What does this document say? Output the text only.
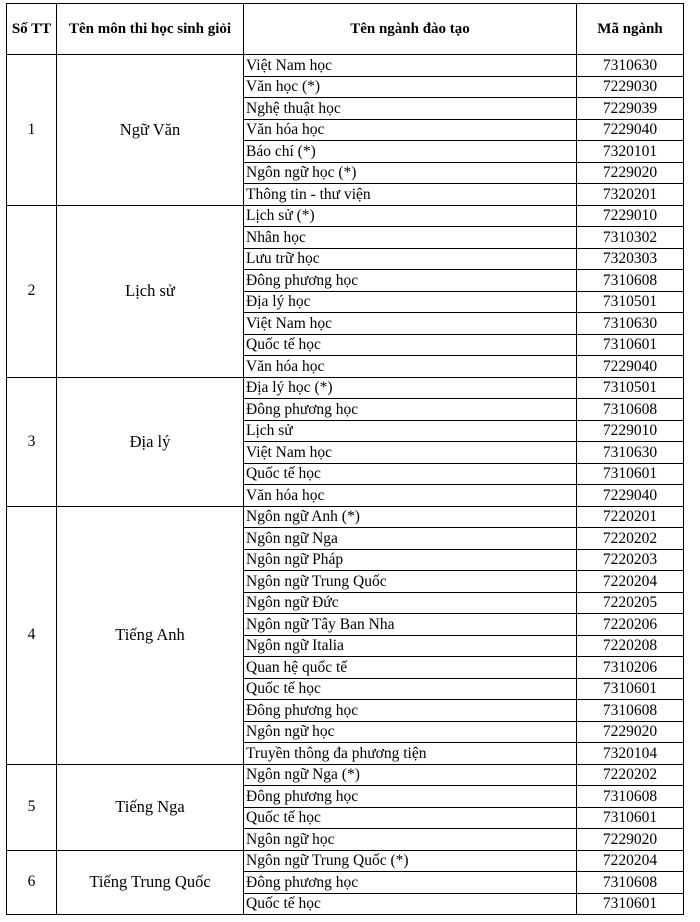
Số TT	Tên môn thi học sinh giỏi	Tên ngành đào tạo	Mã ngành
1	Ngữ Văn	Việt Nam học	7310630
		Văn học (*)	7229030
		Nghệ thuật học	7229039
		Văn hóa học	7229040
		Báo chí (*)	7320101
		Ngôn ngữ học (*)	7229020
		Thông tin - thư viện	7320201
2	Lịch sử	Lịch sử (*)	7229010
		Nhân học	7310302
		Lưu trữ học	7320303
		Đông phương học	7310608
		Địa lý học	7310501
		Việt Nam học	7310630
		Quốc tế học	7310601
		Văn hóa học	7229040
3	Địa lý	Địa lý học (*)	7310501
		Đông phương học	7310608
		Lịch sử	7229010
		Việt Nam học	7310630
		Quốc tế học	7310601
		Văn hóa học	7229040
4	Tiếng Anh	Ngôn ngữ Anh (*)	7220201
		Ngôn ngữ Nga	7220202
		Ngôn ngữ Pháp	7220203
		Ngôn ngữ Trung Quốc	7220204
		Ngôn ngữ Đức	7220205
		Ngôn ngữ Tây Ban Nha	7220206
		Ngôn ngữ Italia	7220208
		Quan hệ quốc tế	7310206
		Quốc tế học	7310601
		Đông phương học	7310608
		Ngôn ngữ học	7229020
		Truyền thông đa phương tiện	7320104
5	Tiếng Nga	Ngôn ngữ Nga (*)	7220202
		Đông phương học	7310608
		Quốc tế học	7310601
		Ngôn ngữ học	7229020
6	Tiếng Trung Quốc	Ngôn ngữ Trung Quốc (*)	7220204
		Đông phương học	7310608
		Quốc tế học	7310601
